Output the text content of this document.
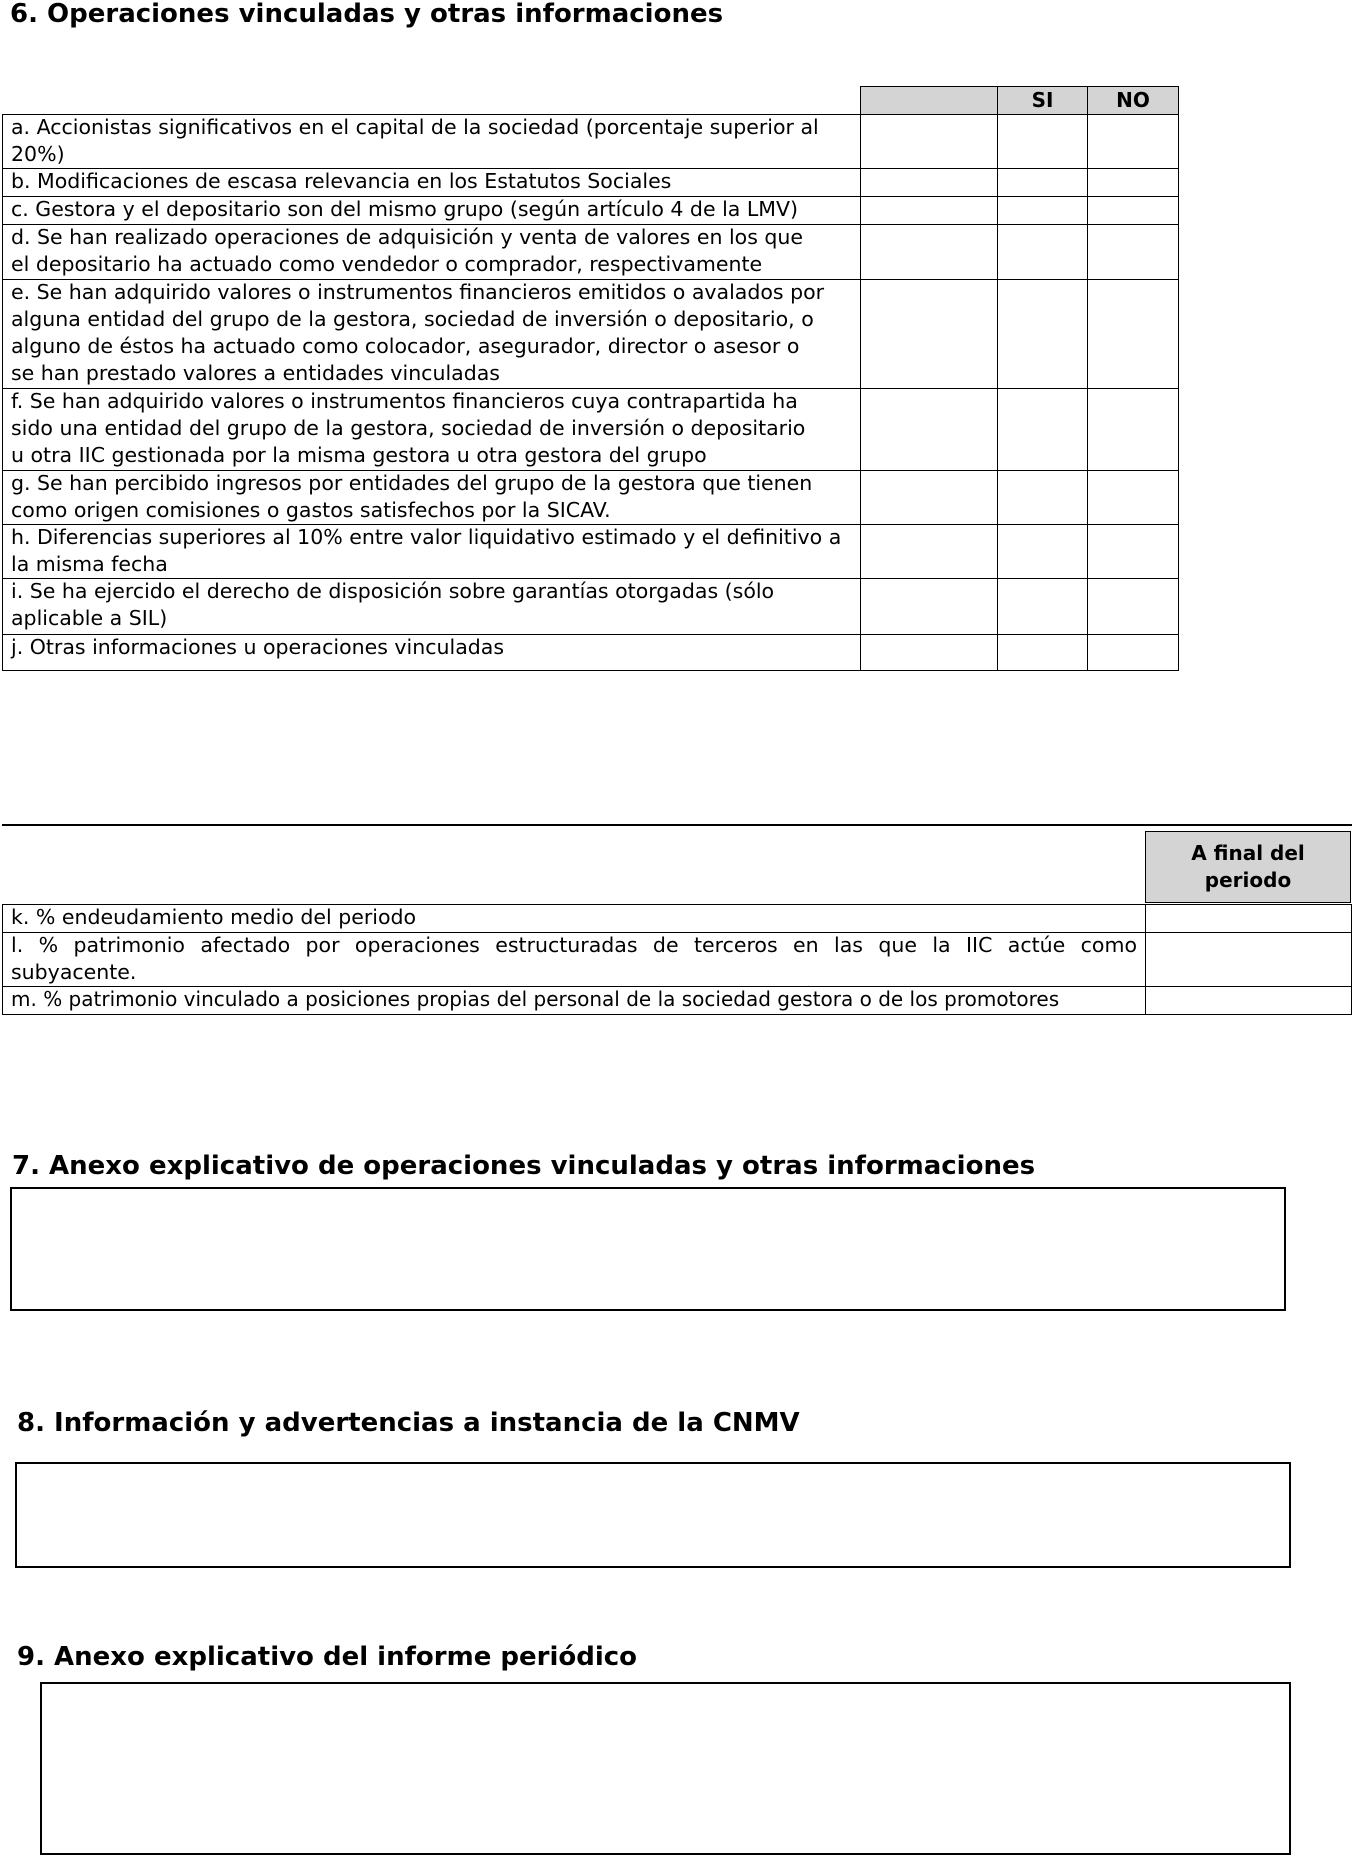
6. Operaciones vinculadas y otras informaciones
SI	NO
a. Accionistas significativos en el capital de la sociedad (porcentaje superior al
20%)
b. Modificaciones de escasa relevancia en los Estatutos Sociales
c. Gestora y el depositario son del mismo grupo (según artículo 4 de la LMV)
d. Se han realizado operaciones de adquisición y venta de valores en los que
el depositario ha actuado como vendedor o comprador, respectivamente
e. Se han adquirido valores o instrumentos financieros emitidos o avalados por
alguna entidad del grupo de la gestora, sociedad de inversión o depositario, o
alguno de éstos ha actuado como colocador, asegurador, director o asesor o
se han prestado valores a entidades vinculadas
f. Se han adquirido valores o instrumentos financieros cuya contrapartida ha
sido una entidad del grupo de la gestora, sociedad de inversión o depositario
u otra IIC gestionada por la misma gestora u otra gestora del grupo
g. Se han percibido ingresos por entidades del grupo de la gestora que tienen
como origen comisiones o gastos satisfechos por la SICAV.
h. Diferencias superiores al 10% entre valor liquidativo estimado y el definitivo a
la misma fecha
i. Se ha ejercido el derecho de disposición sobre garantías otorgadas (sólo
aplicable a SIL)
j. Otras informaciones u operaciones vinculadas
A final del
periodo
k. % endeudamiento medio del periodo
l. % patrimonio afectado por operaciones estructuradas de terceros en las que la IIC actúe como
subyacente.
m. % patrimonio vinculado a posiciones propias del personal de la sociedad gestora o de los promotores
7. Anexo explicativo de operaciones vinculadas y otras informaciones
8. Información y advertencias a instancia de la CNMV
9. Anexo explicativo del informe periódico
